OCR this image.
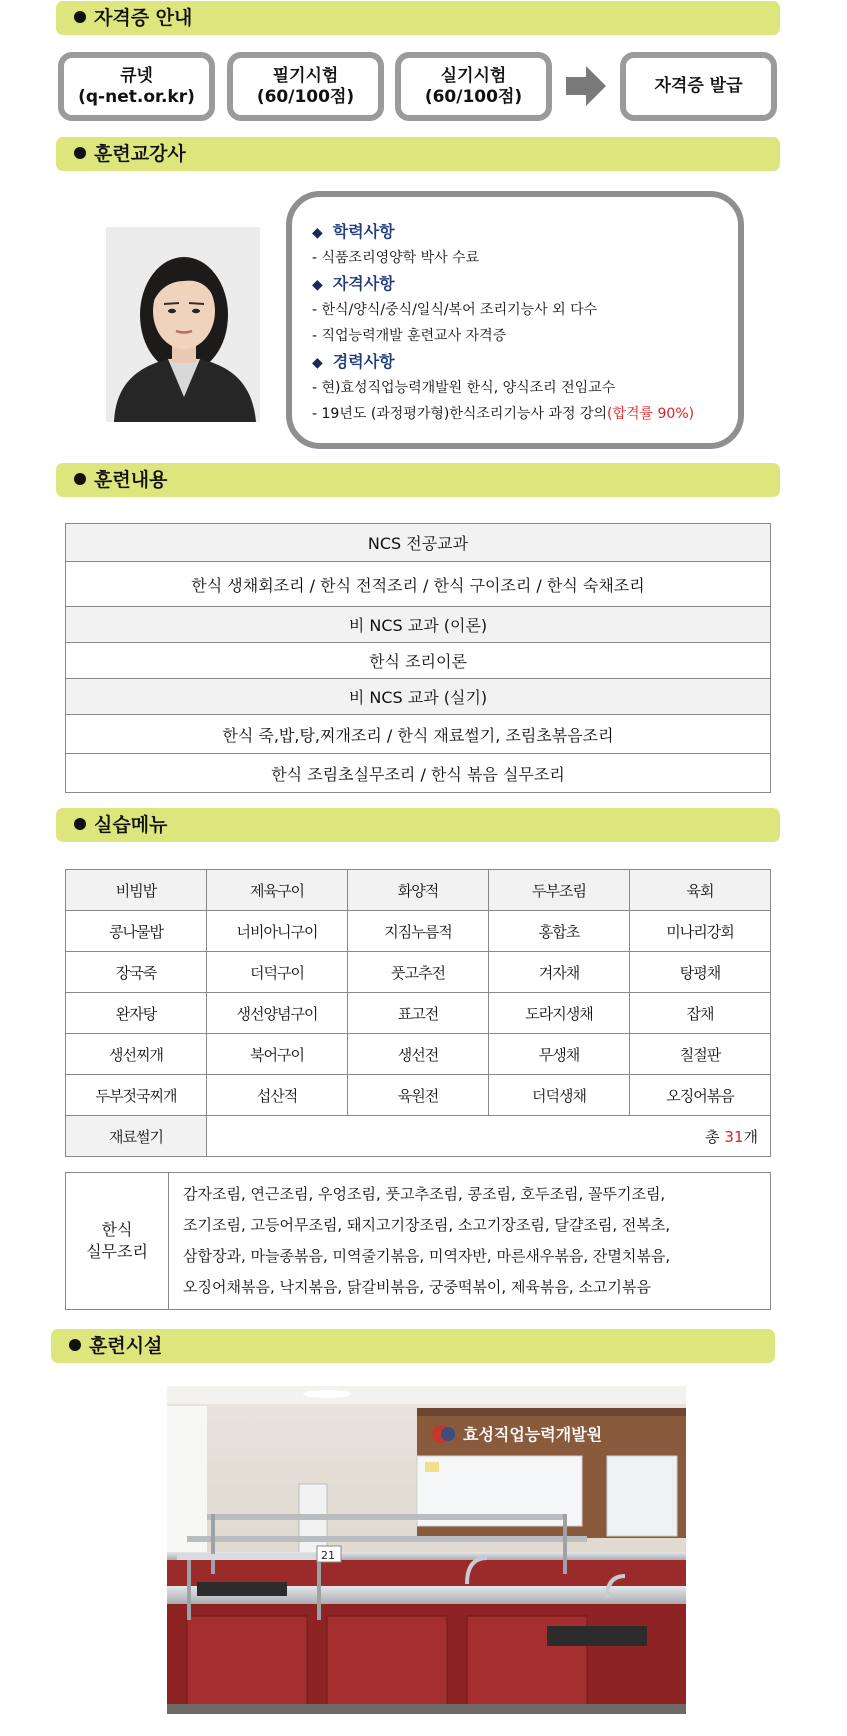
자격증 안내
큐넷
(q-net.or.kr)
필기시험
(60/100점)
실기시험
(60/100점)
자격증 발급
훈련교강사
◆ 학력사항
- 식품조리영양학 박사 수료
◆ 자격사항
- 한식/양식/중식/일식/복어 조리기능사 외 다수
- 직업능력개발 훈련교사 자격증
◆ 경력사항
- 현)효성직업능력개발원 한식, 양식조리 전임교수
- 19년도 (과정평가형)한식조리기능사 과정 강의(합격률 90%)
훈련내용
NCS 전공교과
한식 생채회조리 / 한식 전적조리 / 한식 구이조리 / 한식 숙채조리
비 NCS 교과 (이론)
한식 조리이론
비 NCS 교과 (실기)
한식 죽,밥,탕,찌개조리 / 한식 재료썰기, 조림초볶음조리
한식 조림초실무조리 / 한식 볶음 실무조리
실습메뉴
비빔밥	제육구이	화양적	두부조림	육회
콩나물밥	너비아니구이	지짐누름적	홍합초	미나리강회
장국죽	더덕구이	풋고추전	겨자채	탕평채
완자탕	생선양념구이	표고전	도라지생채	잡채
생선찌개	북어구이	생선전	무생채	칠절판
두부젓국찌개	섭산적	육원전	더덕생채	오징어볶음
재료썰기	총 31개			
한식
실무조리

감자조림, 연근조림, 우엉조림, 풋고추조림, 콩조림, 호두조림, 꼴뚜기조림,
조기조림, 고등어무조림, 돼지고기장조림, 소고기장조림, 달걀조림, 전복초,
삼합장과, 마늘종볶음, 미역줄기볶음, 미역자반, 마른새우볶음, 잔멸치볶음,
오징어채볶음, 낙지볶음, 닭갈비볶음, 궁중떡볶이, 제육볶음, 소고기볶음
훈련시설
효성직업능력개발원
21
